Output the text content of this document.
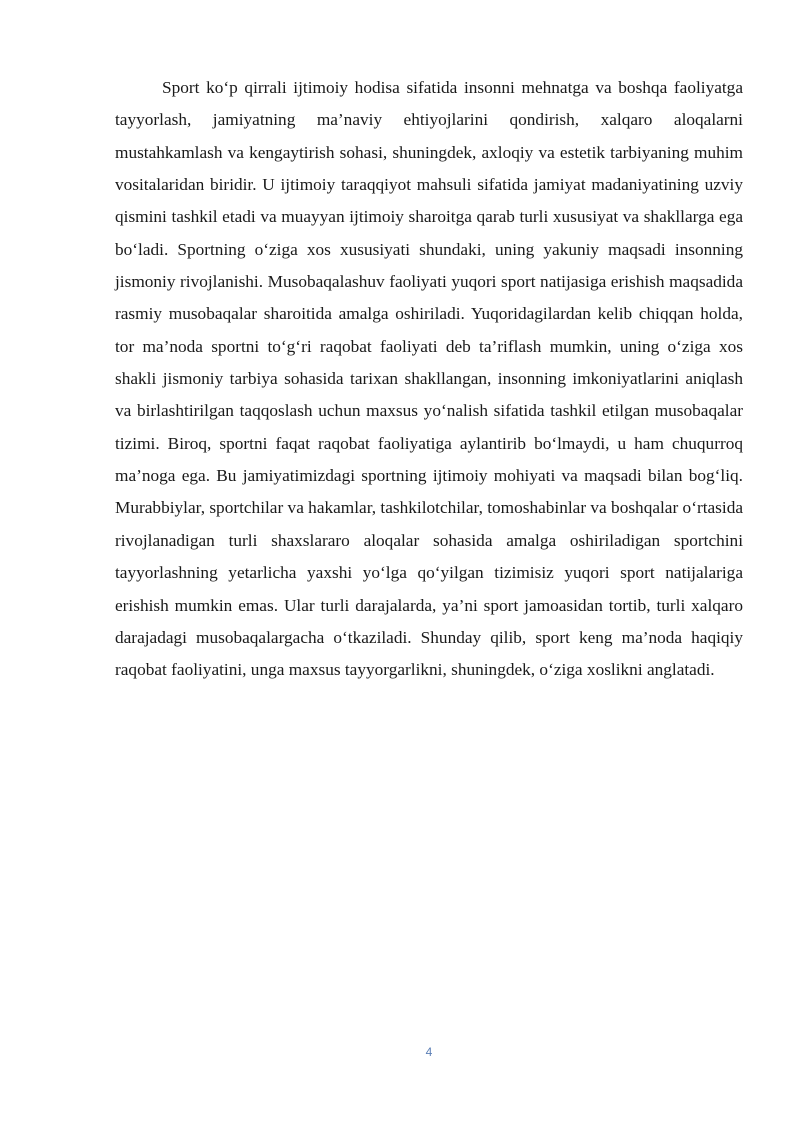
Sport ko‘p qirrali ijtimoiy hodisa sifatida insonni mehnatga va boshqa faoliyatga tayyorlash, jamiyatning ma’naviy ehtiyojlarini qondirish, xalqaro aloqalarni mustahkamlash va kengaytirish sohasi, shuningdek, axloqiy va estetik tarbiyaning muhim vositalaridan biridir. U ijtimoiy taraqqiyot mahsuli sifatida jamiyat madaniyatining uzviy qismini tashkil etadi va muayyan ijtimoiy sharoitga qarab turli xususiyat va shakllarga ega bo‘ladi. Sportning o‘ziga xos xususiyati shundaki, uning yakuniy maqsadi insonning jismoniy rivojlanishi. Musobaqalashuv faoliyati yuqori sport natijasiga erishish maqsadida rasmiy musobaqalar sharoitida amalga oshiriladi. Yuqoridagilardan kelib chiqqan holda, tor ma’noda sportni to‘g‘ri raqobat faoliyati deb ta’riflash mumkin, uning o‘ziga xos shakli jismoniy tarbiya sohasida tarixan shakllangan, insonning imkoniyatlarini aniqlash va birlashtirilgan taqqoslash uchun maxsus yo‘nalish sifatida tashkil etilgan musobaqalar tizimi. Biroq, sportni faqat raqobat faoliyatiga aylantirib bo‘lmaydi, u ham chuqurroq ma’noga ega. Bu jamiyatimizdagi sportning ijtimoiy mohiyati va maqsadi bilan bog‘liq. Murabbiylar, sportchilar va hakamlar, tashkilotchilar, tomoshabinlar va boshqalar o‘rtasida rivojlanadigan turli shaxslararo aloqalar sohasida amalga oshiriladigan sportchini tayyorlashning yetarlicha yaxshi yo‘lga qo‘yilgan tizimisiz yuqori sport natijalariga erishish mumkin emas. Ular turli darajalarda, ya’ni sport jamoasidan tortib, turli xalqaro darajadagi musobaqalargacha o‘tkaziladi. Shunday qilib, sport keng ma’noda haqiqiy raqobat faoliyatini, unga maxsus tayyorgarlikni, shuningdek, o‘ziga xoslikni anglatadi.

4
